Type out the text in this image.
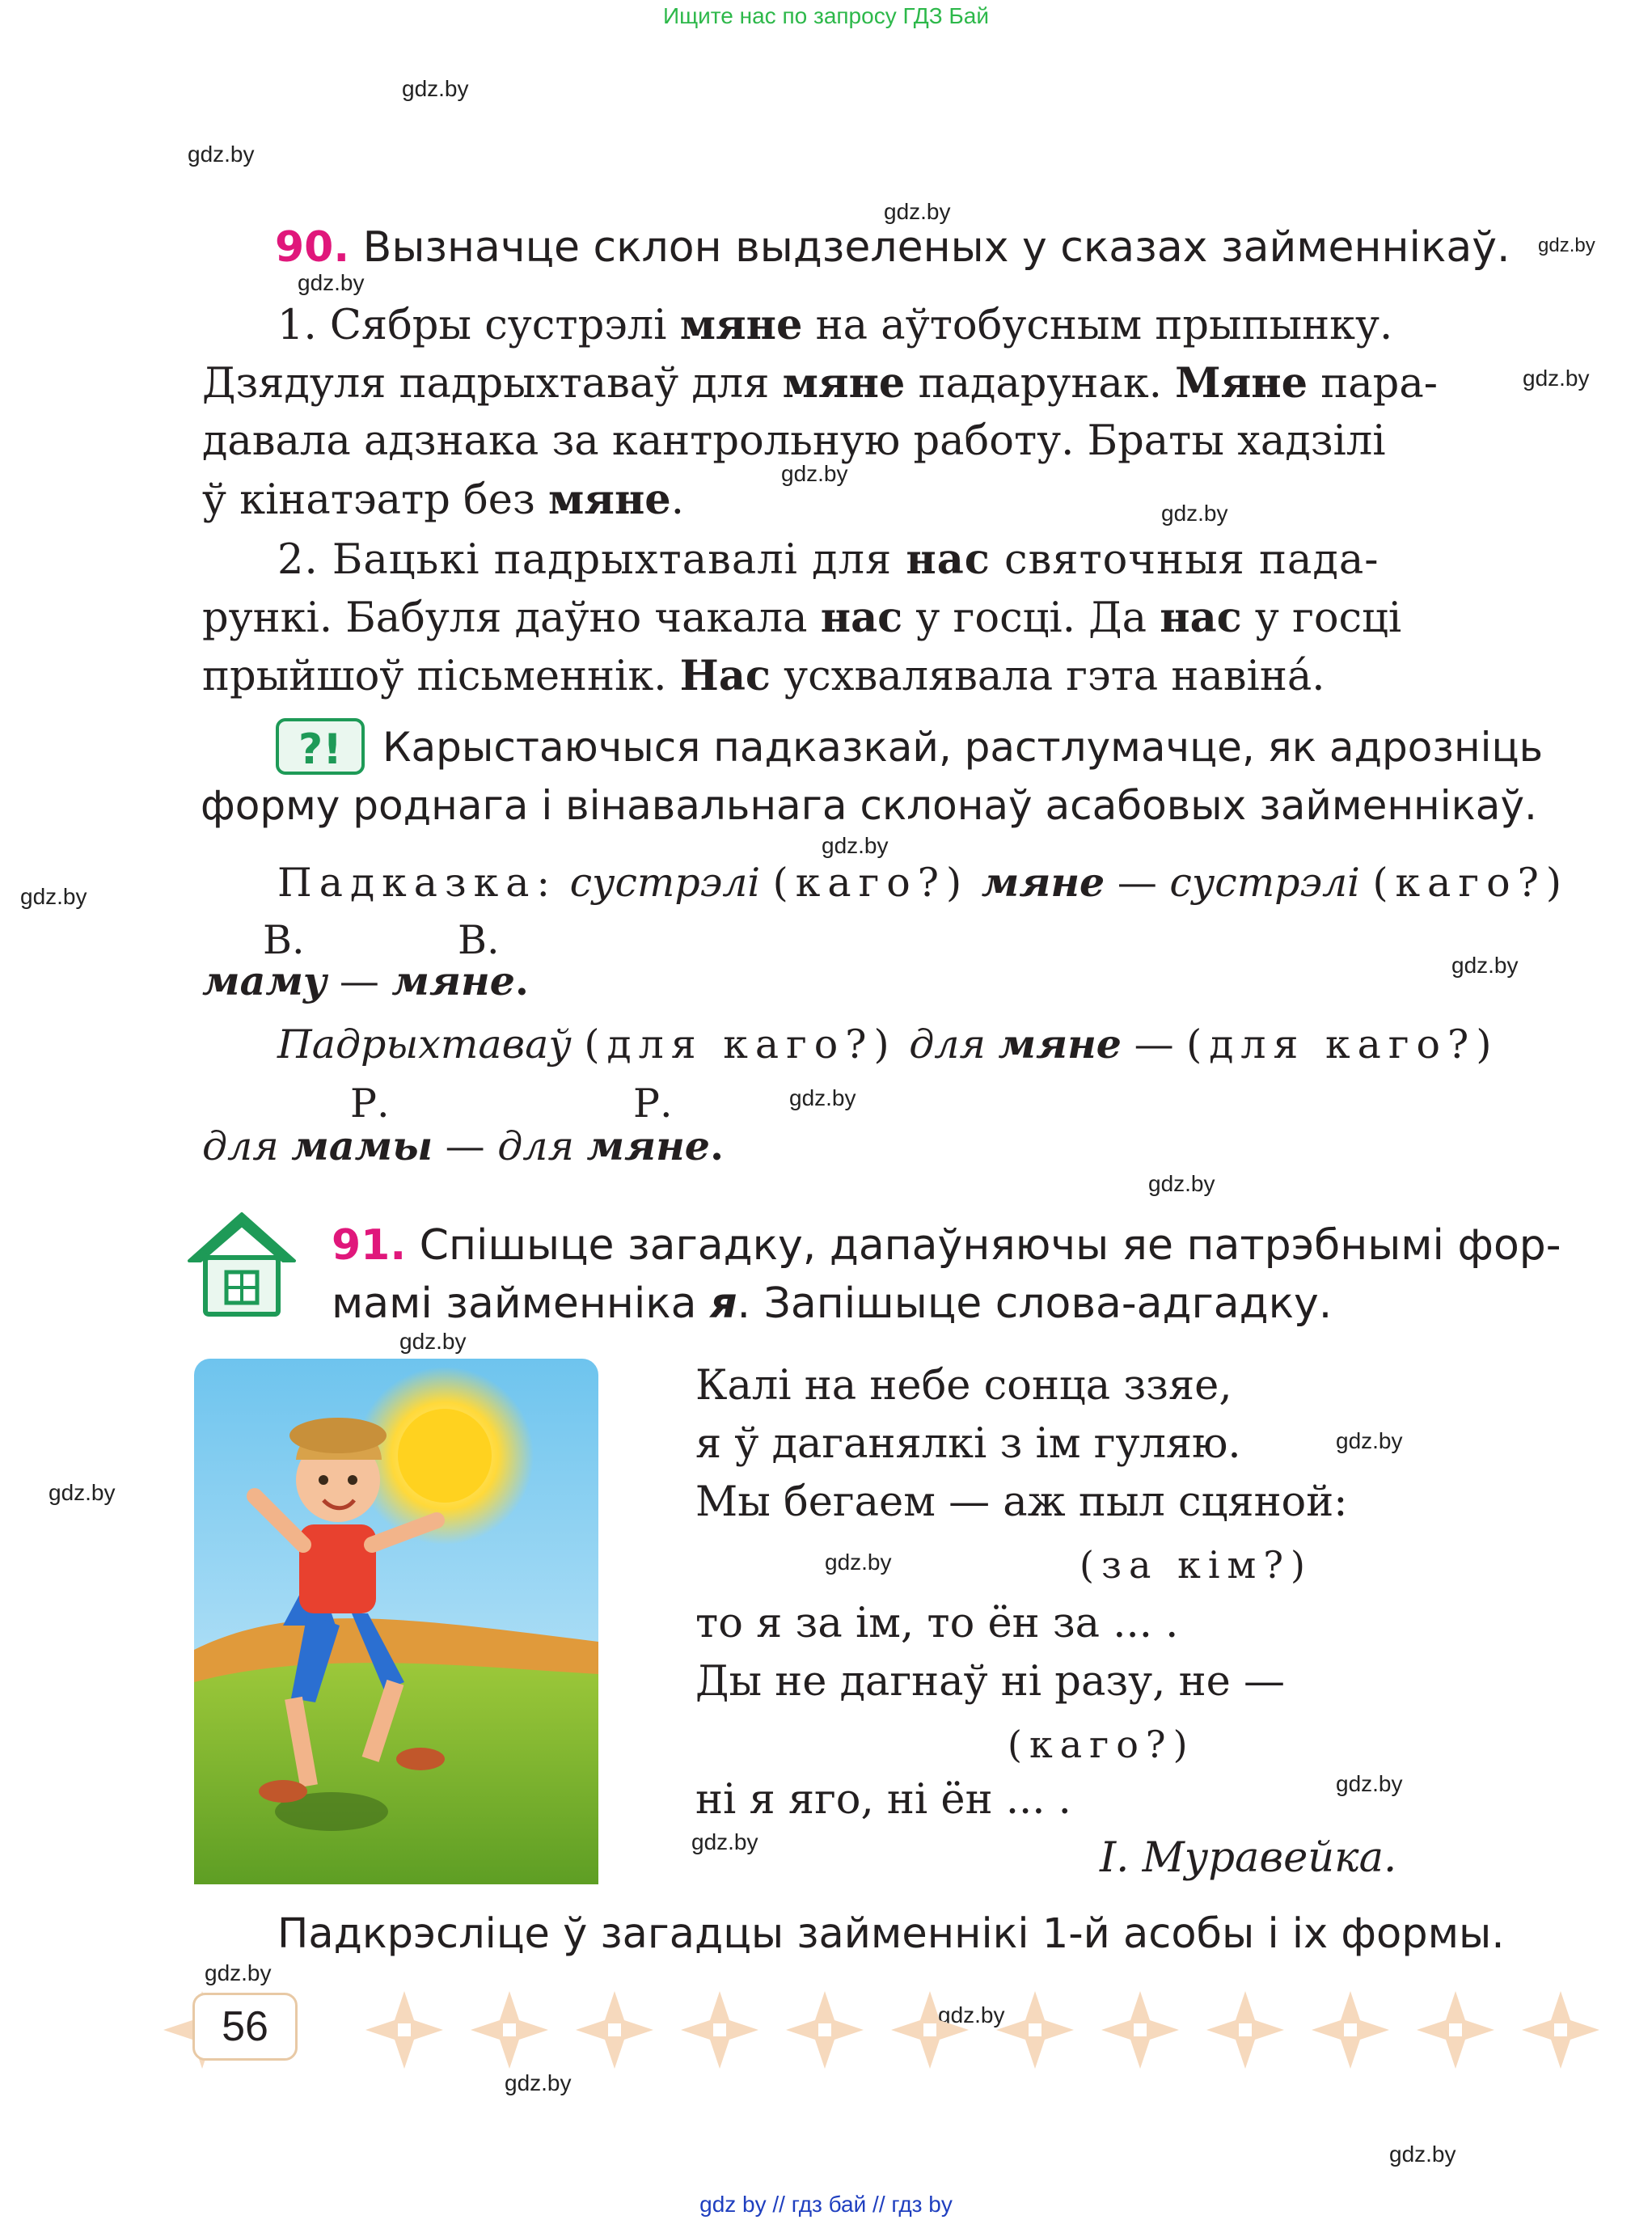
Ищите нас по запросу ГДЗ Бай
gdz.by
gdz.by
gdz.by
gdz.by
gdz.by
gdz.by
gdz.by
gdz.by
gdz.by
gdz.by
gdz.by
gdz.by
gdz.by
gdz.by
gdz.by
gdz.by
gdz.by
gdz.by
gdz.by
gdz.by
gdz.by
gdz.by
gdz.by
90. Вызначце склон выдзеленых у сказах займеннікаў.
1. Сябры сустрэлі мяне на аўтобусным прыпынку.
Дзядуля падрыхтаваў для мяне падарунак. Мяне пара-
давала адзнака за кантрольную работу. Браты хадзілі
ў кінатэатр без мяне.
2. Бацькі падрыхтавалі для нас святочныя пада-
рункі. Бабуля даўно чакала нас у госці. Да нас у госці
прыйшоў пісьменнік. Нас усхвалявала гэта навіна́.
?!	Карыстаючыся падказкай, растлумачце, як адрозніць
форму роднага і вінавальнага склонаў асабовых займеннікаў.
Падказка: сустрэлі (каго?) мяне — сустрэлі (каго?)
В.	В.
маму — мяне.
Падрыхтаваў (для каго?) для мяне — (для каго?)
Р.	Р.
для мамы — для мяне.
91. Спішыце загадку, дапаўняючы яе патрэбнымі фор-
мамі займенніка я. Запішыце слова-адгадку.
Калі на небе сонца ззяе,
я ў даганялкі з ім гуляю.
Мы бегаем — аж пыл сцяной:
(за кім?)
то я за ім, то ён за ... .
Ды не дагнаў ні разу, не —
(каго?)
ні я яго, ні ён ... .
І. Муравейка.
Падкрэсліце ў загадцы займеннікі 1-й асобы і іх формы.
56
gdz by // гдз бай // гдз by
